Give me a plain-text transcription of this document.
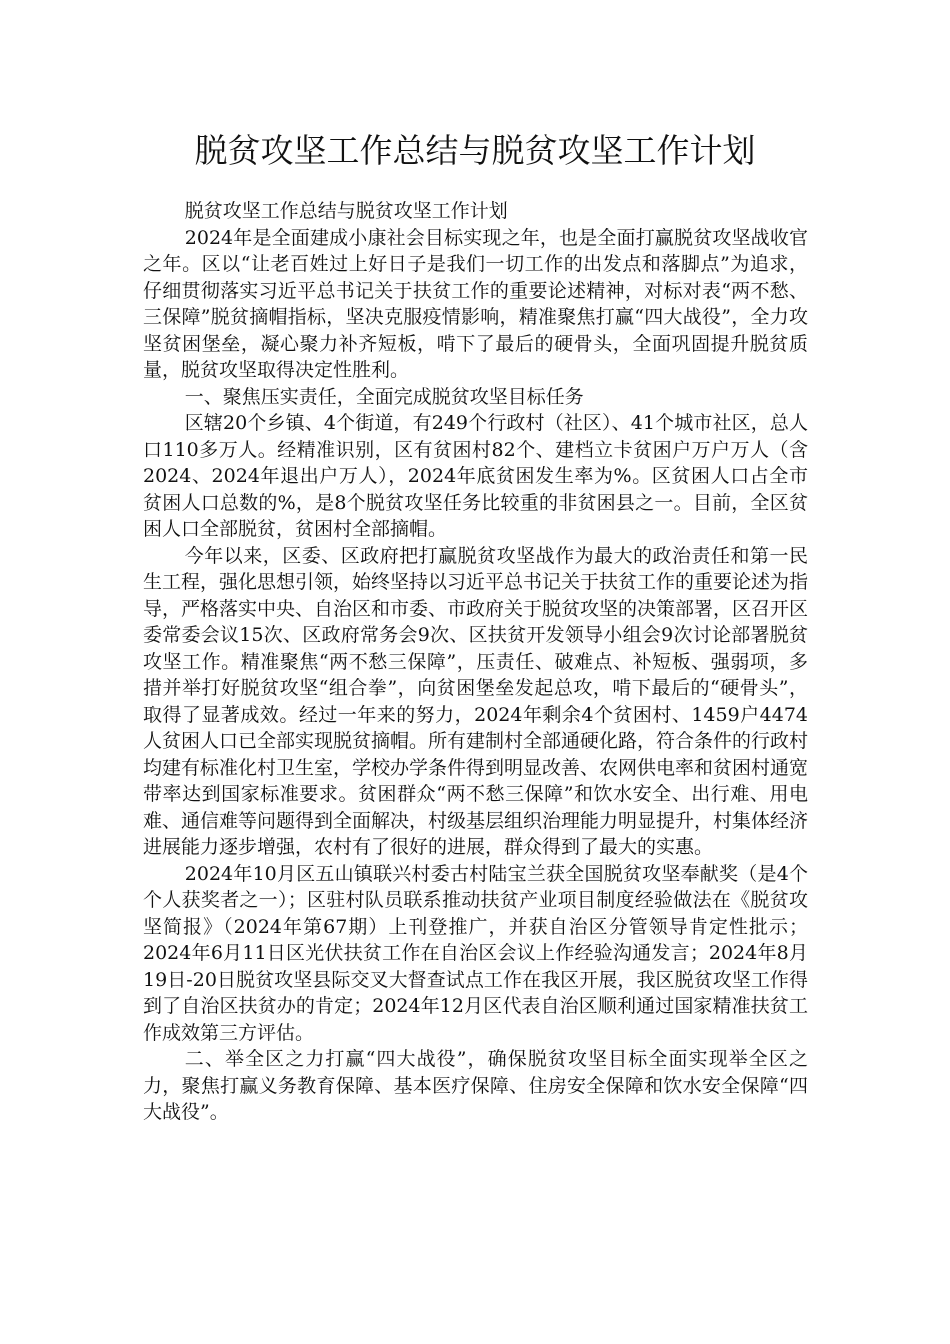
脱贫攻坚工作总结与脱贫攻坚工作计划

脱贫攻坚工作总结与脱贫攻坚工作计划

2024年是全面建成小康社会目标实现之年，也是全面打赢脱贫攻坚战收官之年。区以“让老百姓过上好日子是我们一切工作的出发点和落脚点”为追求，仔细贯彻落实习近平总书记关于扶贫工作的重要论述精神，对标对表“两不愁、三保障”脱贫摘帽指标，坚决克服疫情影响，精准聚焦打赢“四大战役”，全力攻坚贫困堡垒，凝心聚力补齐短板，啃下了最后的硬骨头，全面巩固提升脱贫质量，脱贫攻坚取得决定性胜利。

一、聚焦压实责任，全面完成脱贫攻坚目标任务

区辖20个乡镇、4个街道，有249个行政村（社区）、41个城市社区，总人口110多万人。经精准识别，区有贫困村82个、建档立卡贫困户万户万人（含2024、2024年退出户万人），2024年底贫困发生率为%。区贫困人口占全市贫困人口总数的%，是8个脱贫攻坚任务比较重的非贫困县之一。目前，全区贫困人口全部脱贫，贫困村全部摘帽。

今年以来，区委、区政府把打赢脱贫攻坚战作为最大的政治责任和第一民生工程，强化思想引领，始终坚持以习近平总书记关于扶贫工作的重要论述为指导，严格落实中央、自治区和市委、市政府关于脱贫攻坚的决策部署，区召开区委常委会议15次、区政府常务会9次、区扶贫开发领导小组会9次讨论部署脱贫攻坚工作。精准聚焦“两不愁三保障”，压责任、破难点、补短板、强弱项，多措并举打好脱贫攻坚“组合拳”，向贫困堡垒发起总攻，啃下最后的“硬骨头”，取得了显著成效。经过一年来的努力，2024年剩余4个贫困村、1459户4474人贫困人口已全部实现脱贫摘帽。所有建制村全部通硬化路，符合条件的行政村均建有标准化村卫生室，学校办学条件得到明显改善、农网供电率和贫困村通宽带率达到国家标准要求。贫困群众“两不愁三保障”和饮水安全、出行难、用电难、通信难等问题得到全面解决，村级基层组织治理能力明显提升，村集体经济进展能力逐步增强，农村有了很好的进展，群众得到了最大的实惠。

2024年10月区五山镇联兴村委古村陆宝兰获全国脱贫攻坚奉献奖（是4个个人获奖者之一）；区驻村队员联系推动扶贫产业项目制度经验做法在《脱贫攻坚简报》（2024年第67期）上刊登推广，并获自治区分管领导肯定性批示；2024年6月11日区光伏扶贫工作在自治区会议上作经验沟通发言；2024年8月19日-20日脱贫攻坚县际交叉大督查试点工作在我区开展，我区脱贫攻坚工作得到了自治区扶贫办的肯定；2024年12月区代表自治区顺利通过国家精准扶贫工作成效第三方评估。

二、举全区之力打赢“四大战役”，确保脱贫攻坚目标全面实现举全区之力，聚焦打赢义务教育保障、基本医疗保障、住房安全保障和饮水安全保障“四大战役”。
